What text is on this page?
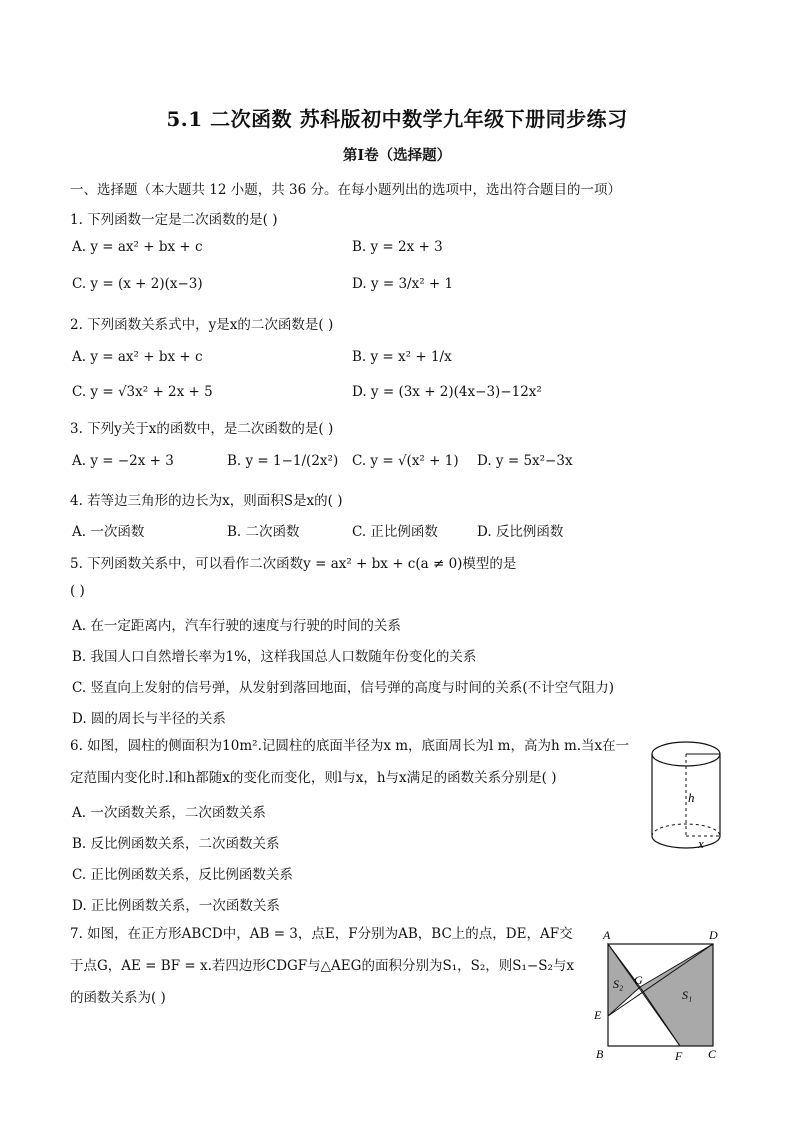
5.1 二次函数 苏科版初中数学九年级下册同步练习
第Ⅰ卷（选择题）
一、选择题（本大题共 12 小题，共 36 分。在每小题列出的选项中，选出符合题目的一项）
1. 下列函数一定是二次函数的是( )
A. y = ax² + bx + c	B. y = 2x + 3
C. y = (x + 2)(x−3)	D. y = 3/x² + 1
2. 下列函数关系式中，y是x的二次函数是( )
A. y = ax² + bx + c	B. y = x² + 1/x
C. y = √3x² + 2x + 5	D. y = (3x + 2)(4x−3)−12x²
3. 下列y关于x的函数中，是二次函数的是( )
A. y = −2x + 3	B. y = 1−1/(2x²) C. y = √(x² + 1) D. y = 5x²−3x
4. 若等边三角形的边长为x，则面积S是x的( )
A. 一次函数	B. 二次函数	C. 正比例函数	D. 反比例函数
5. 下列函数关系中，可以看作二次函数y = ax² + bx + c(a ≠ 0)模型的是
( )
A. 在一定距离内，汽车行驶的速度与行驶的时间的关系
B. 我国人口自然增长率为1%，这样我国总人口数随年份变化的关系
C. 竖直向上发射的信号弹，从发射到落回地面，信号弹的高度与时间的关系(不计空气阻力)
D. 圆的周长与半径的关系
6. 如图，圆柱的侧面积为10m².记圆柱的底面半径为x m，底面周长为l m，高为h m.当x在一定范围内变化时.l和h都随x的变化而变化，则l与x，h与x满足的函数关系分别是( )
A. 一次函数关系，二次函数关系
B. 反比例函数关系，二次函数关系
C. 正比例函数关系，反比例函数关系
D. 正比例函数关系，一次函数关系
h
x
7. 如图，在正方形ABCD中，AB = 3，点E，F分别为AB，BC上的点，DE，AF交于点G，AE = BF = x.若四边形CDGF与△AEG的面积分别为S₁，S₂，则S₁−S₂与x的函数关系为( )
A	D
E
B	F C
G
S₂
S₁
